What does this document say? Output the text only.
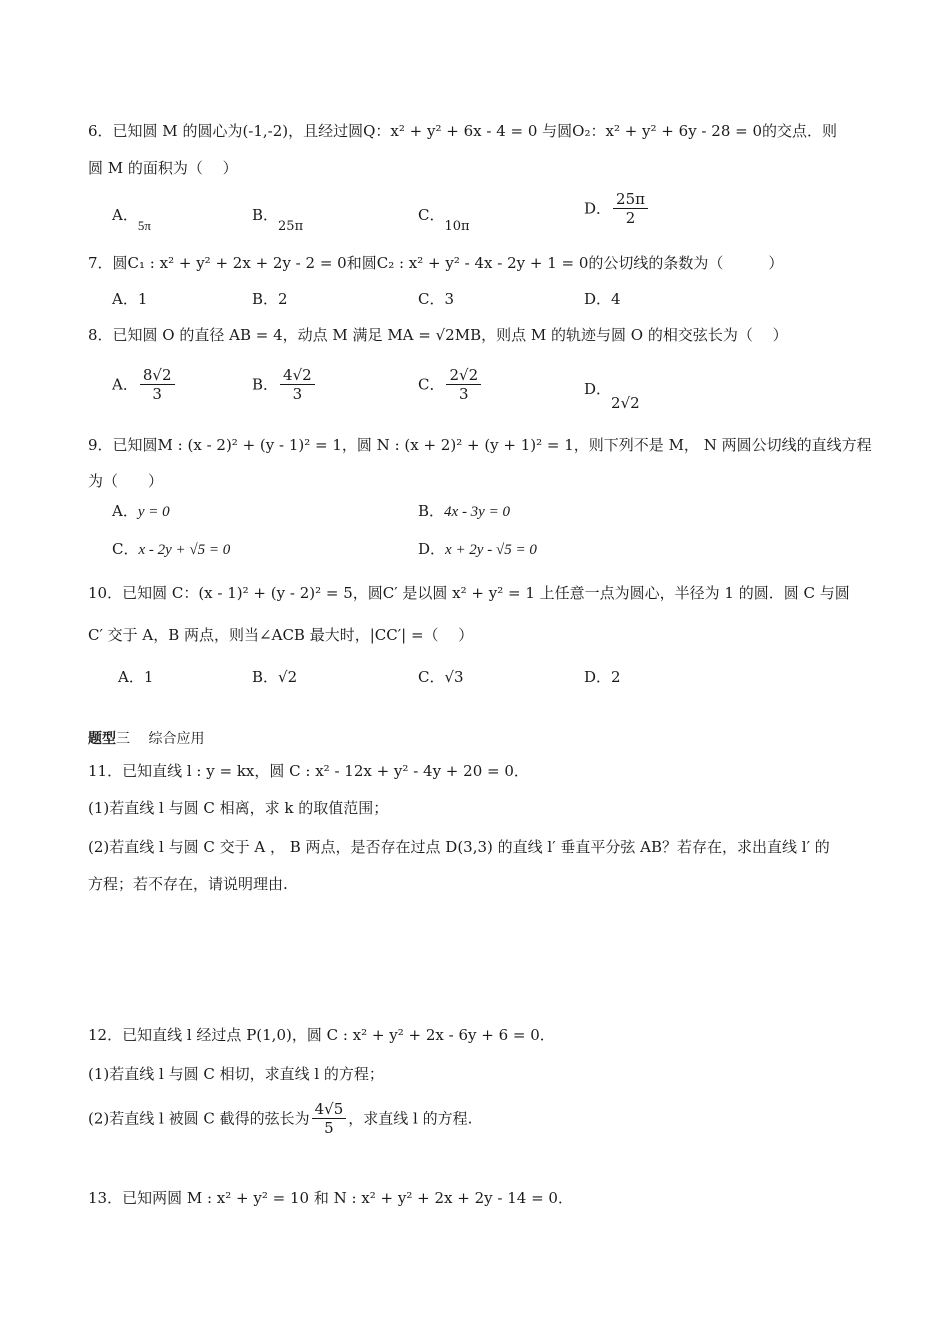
6．已知圆 M 的圆心为(-1,-2)，且经过圆Q：x² + y² + 6x - 4 = 0 与圆O₂：x² + y² + 6y - 28 = 0的交点．则
圆 M 的面积为（　 ）
A．5π
B．25π
C．10π
D． $\frac{25\pi}{2}$
7．圆C₁ : x² + y² + 2x + 2y - 2 = 0和圆C₂ : x² + y² - 4x - 2y + 1 = 0的公切线的条数为（　　　）
A．1	B．2	C．3	D．4
8．已知圆 O 的直径 AB = 4，动点 M 满足 MA = √2MB，则点 M 的轨迹与圆 O 的相交弦长为（　 ）
A． $\frac{8√2}{3}$	B． $\frac{4√2}{3}$	C． $\frac{2√2}{3}$	D．2√2
9．已知圆M : (x - 2)² + (y - 1)² = 1，圆 N : (x + 2)² + (y + 1)² = 1，则下列不是 M， N 两圆公切线的直线方程
为（　　）
A．y = 0	B．4x - 3y = 0
C．x - 2y + √5 = 0	D．x + 2y - √5 = 0
10．已知圆 C：(x - 1)² + (y - 2)² = 5，圆C′ 是以圆 x² + y² = 1 上任意一点为圆心，半径为 1 的圆．圆 C 与圆
C′ 交于 A，B 两点，则当∠ACB 最大时，|CC′| =（　 ）
A．1	B．√2	C．√3	D．2
题型三　 综合应用
11．已知直线 l : y = kx，圆 C : x² - 12x + y² - 4y + 20 = 0．
(1)若直线 l 与圆 C 相离，求 k 的取值范围；
(2)若直线 l 与圆 C 交于 A ， B 两点，是否存在过点 D(3,3) 的直线 l′ 垂直平分弦 AB？若存在，求出直线 l′ 的
方程；若不存在，请说明理由.
12．已知直线 l 经过点 P(1,0)，圆 C : x² + y² + 2x - 6y + 6 = 0．
(1)若直线 l 与圆 C 相切，求直线 l 的方程；
(2)若直线 l 被圆 C 截得的弦长为 $\frac{4√5}{5}$ ，求直线 l 的方程.
13．已知两圆 M : x² + y² = 10 和 N : x² + y² + 2x + 2y - 14 = 0．
